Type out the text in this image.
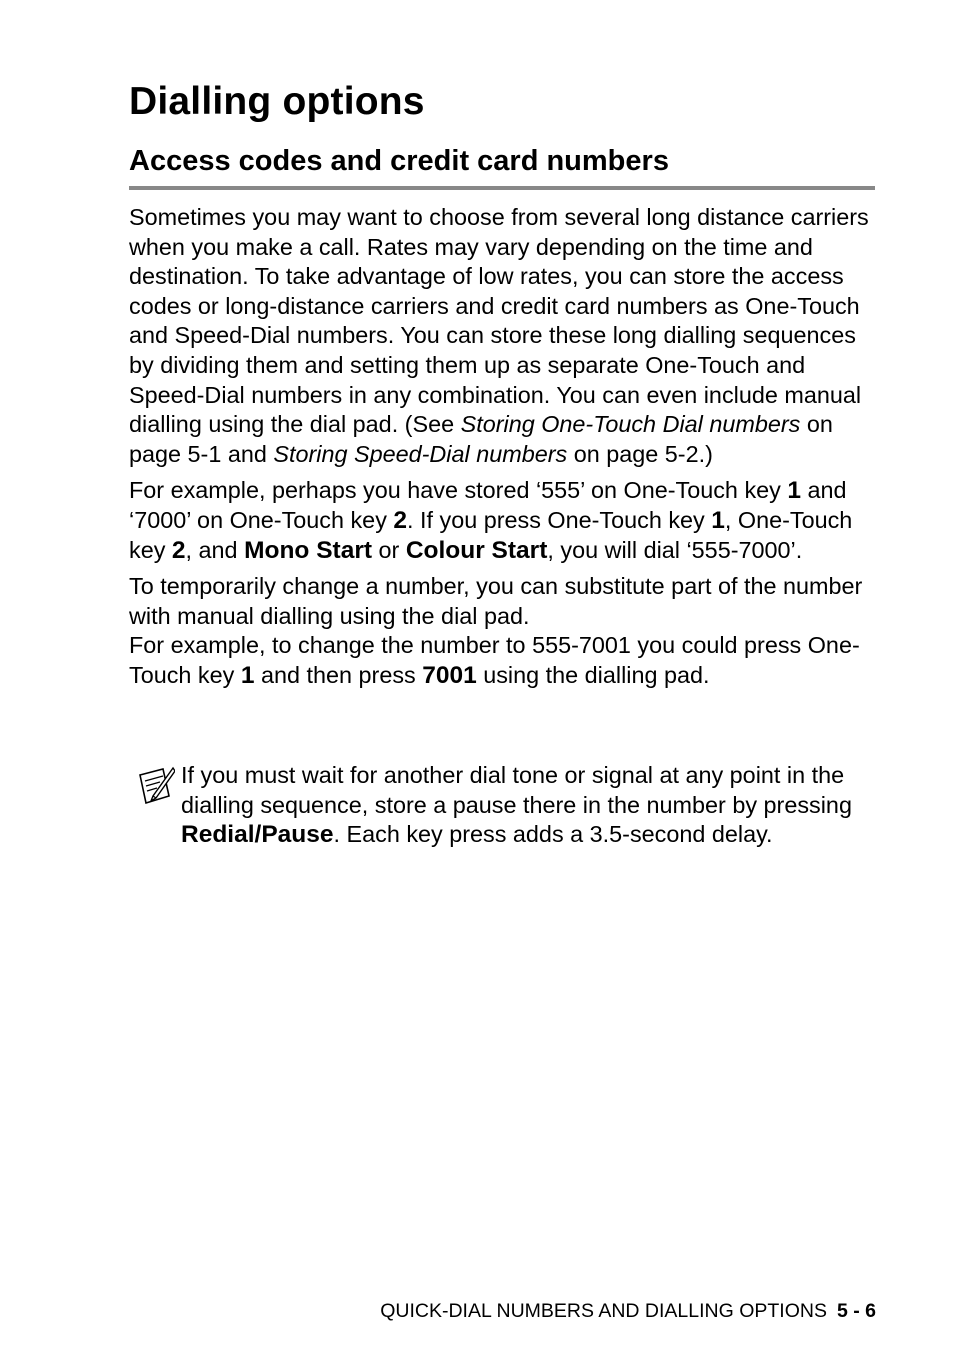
Dialling options
Access codes and credit card numbers

Sometimes you may want to choose from several long distance carriers when you make a call. Rates may vary depending on the time and destination. To take advantage of low rates, you can store the access codes or long-distance carriers and credit card numbers as One-Touch and Speed-Dial numbers. You can store these long dialling sequences by dividing them and setting them up as separate One-Touch and Speed-Dial numbers in any combination. You can even include manual dialling using the dial pad. (See Storing One-Touch Dial numbers on page 5-1 and Storing Speed-Dial numbers on page 5-2.)

For example, perhaps you have stored ‘555’ on One-Touch key 1 and ‘7000’ on One-Touch key 2. If you press One-Touch key 1, One-Touch key 2, and Mono Start or Colour Start, you will dial ‘555-7000’.

To temporarily change a number, you can substitute part of the number with manual dialling using the dial pad.

For example, to change the number to 555-7001 you could press One-Touch key 1 and then press 7001 using the dialling pad.

If you must wait for another dial tone or signal at any point in the dialling sequence, store a pause there in the number by pressing Redial/Pause. Each key press adds a 3.5-second delay.
QUICK-DIAL NUMBERS AND DIALLING OPTIONS 5 - 6
